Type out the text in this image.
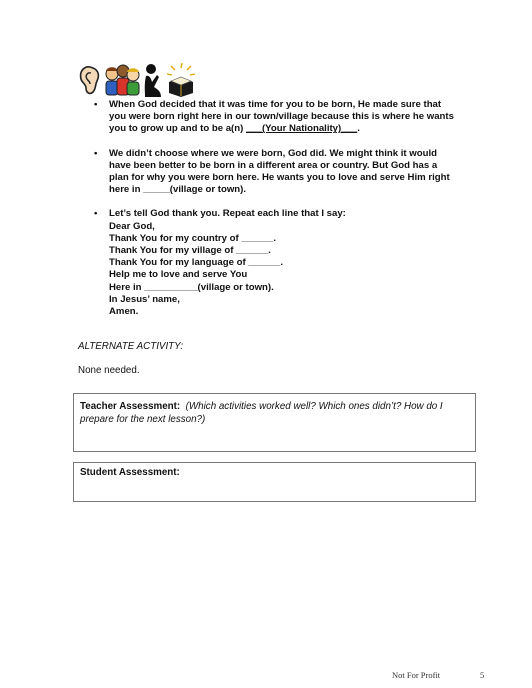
• When God decided that it was time for you to be born, He made sure that
you were born right here in our town/village because this is where he wants
you to grow up and to be a(n) ___(Your Nationality)___.
• We didn’t choose where we were born, God did. We might think it would
have been better to be born in a different area or country. But God has a
plan for why you were born here. He wants you to love and serve Him right
here in _____(village or town).
• Let’s tell God thank you. Repeat each line that I say:
Dear God,
Thank You for my country of ______.
Thank You for my village of ______.
Thank You for my language of ______.
Help me to love and serve You
Here in __________(village or town).
In Jesus’ name,
Amen.
ALTERNATE ACTIVITY:
None needed.
Teacher Assessment: (Which activities worked well? Which ones didn’t? How do I prepare for the next lesson?)
Student Assessment:
Not For Profit	5
